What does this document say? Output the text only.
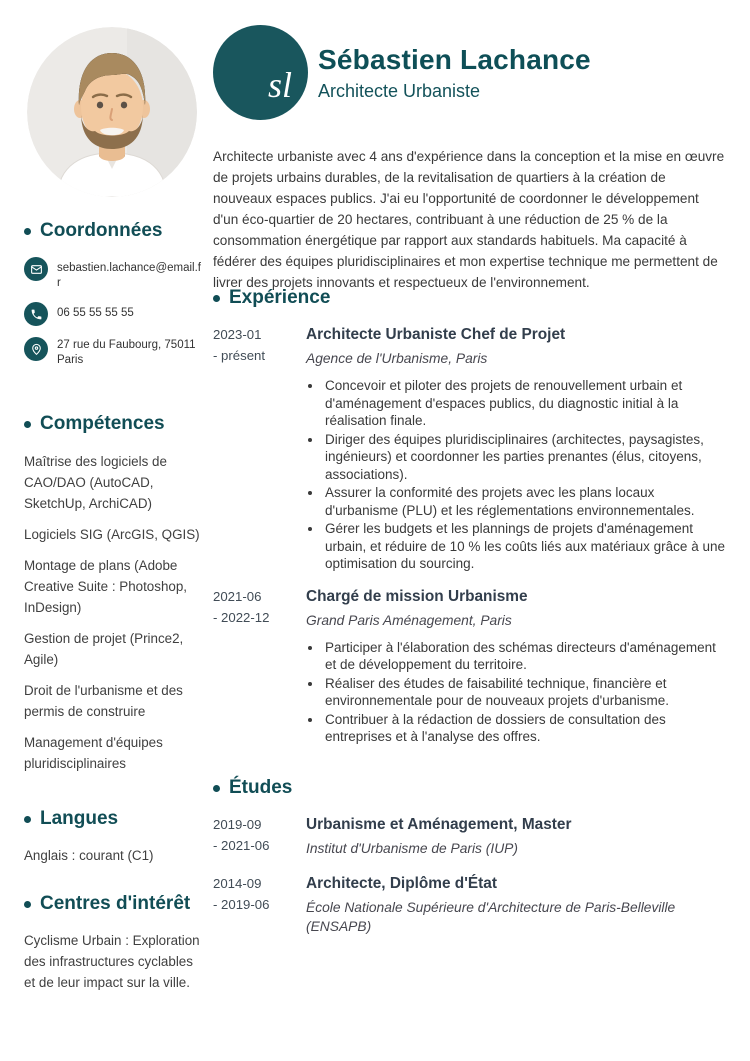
sl
Sébastien Lachance
Architecte Urbaniste

Architecte urbaniste avec 4 ans d'expérience dans la conception et la mise en œuvre de projets urbains durables, de la revitalisation de quartiers à la création de nouveaux espaces publics. J'ai eu l'opportunité de coordonner le développement d'un éco-quartier de 20 hectares, contribuant à une réduction de 25 % de la consommation énergétique par rapport aux standards habituels. Ma capacité à fédérer des équipes pluridisciplinaires et mon expertise technique me permettent de livrer des projets innovants et respectueux de l'environnement.

Coordonnées
sebastien.lachance@email.fr
06 55 55 55 55
27 rue du Faubourg, 75011 Paris
Compétences
Maîtrise des logiciels de CAO/DAO (AutoCAD, SketchUp, ArchiCAD)
Logiciels SIG (ArcGIS, QGIS)
Montage de plans (Adobe Creative Suite : Photoshop, InDesign)
Gestion de projet (Prince2, Agile)
Droit de l'urbanisme et des permis de construire
Management d'équipes pluridisciplinaires
Langues
Anglais : courant (C1)
Centres d'intérêt
Cyclisme Urbain : Exploration des infrastructures cyclables et de leur impact sur la ville.
Expérience
2023-01
- présent
Architecte Urbaniste Chef de Projet
Agence de l'Urbanisme, Paris
• Concevoir et piloter des projets de renouvellement urbain et d'aménagement d'espaces publics, du diagnostic initial à la réalisation finale.
• Diriger des équipes pluridisciplinaires (architectes, paysagistes, ingénieurs) et coordonner les parties prenantes (élus, citoyens, associations).
• Assurer la conformité des projets avec les plans locaux d'urbanisme (PLU) et les réglementations environnementales.
• Gérer les budgets et les plannings de projets d'aménagement urbain, et réduire de 10 % les coûts liés aux matériaux grâce à une optimisation du sourcing.
2021-06
- 2022-12
Chargé de mission Urbanisme
Grand Paris Aménagement, Paris
• Participer à l'élaboration des schémas directeurs d'aménagement et de développement du territoire.
• Réaliser des études de faisabilité technique, financière et environnementale pour de nouveaux projets d'urbanisme.
• Contribuer à la rédaction de dossiers de consultation des entreprises et à l'analyse des offres.
Études
2019-09
- 2021-06
Urbanisme et Aménagement, Master
Institut d'Urbanisme de Paris (IUP)
2014-09
- 2019-06
Architecte, Diplôme d'État
École Nationale Supérieure d'Architecture de Paris-Belleville (ENSAPB)
